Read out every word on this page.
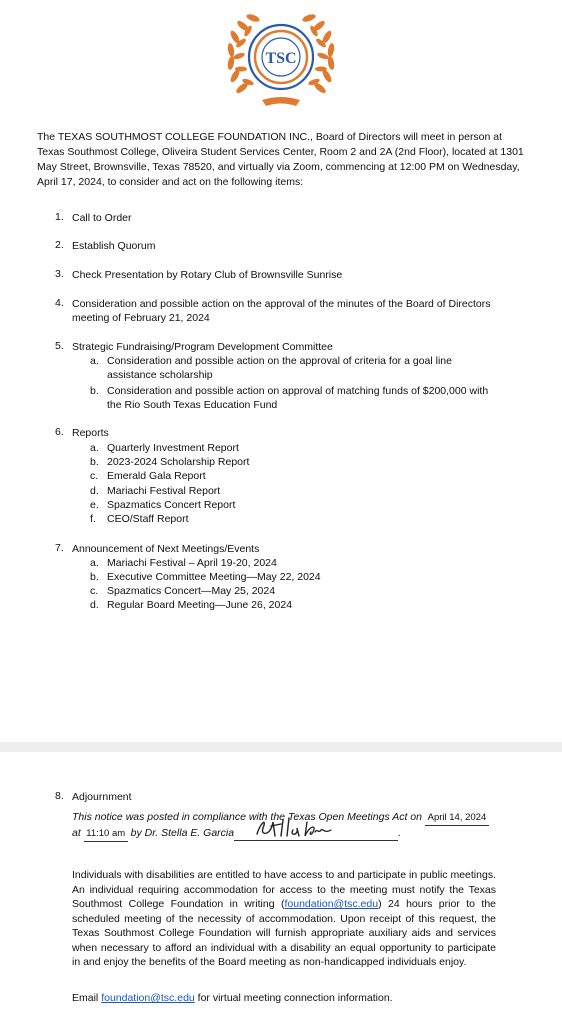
TSC
The TEXAS SOUTHMOST COLLEGE FOUNDATION INC., Board of Directors will meet in person at Texas Southmost College, Oliveira Student Services Center, Room 2 and 2A (2nd Floor), located at 1301 May Street, Brownsville, Texas 78520, and virtually via Zoom, commencing at 12:00 PM on Wednesday, April 17, 2024, to consider and act on the following items:
1. Call to Order
2. Establish Quorum
3. Check Presentation by Rotary Club of Brownsville Sunrise
4. Consideration and possible action on the approval of the minutes of the Board of Directors meeting of February 21, 2024
5. Strategic Fundraising/Program Development Committee
a. Consideration and possible action on the approval of criteria for a goal line assistance scholarship
b. Consideration and possible action on approval of matching funds of $200,000 with the Rio South Texas Education Fund
6. Reports
a. Quarterly Investment Report
b. 2023-2024 Scholarship Report
c. Emerald Gala Report
d. Mariachi Festival Report
e. Spazmatics Concert Report
f.	CEO/Staff Report
7. Announcement of Next Meetings/Events
a. Mariachi Festival – April 19-20, 2024
b. Executive Committee Meeting—May 22, 2024
c. Spazmatics Concert—May 25, 2024
d. Regular Board Meeting—June 26, 2024
8. Adjournment
This notice was posted in compliance with the Texas Open Meetings Act on April 14, 2024
at 11:10 am by Dr. Stella E. Garcia	.
Individuals with disabilities are entitled to have access to and participate in public meetings. An individual requiring accommodation for access to the meeting must notify the Texas Southmost College Foundation in writing (foundation@tsc.edu) 24 hours prior to the scheduled meeting of the necessity of accommodation. Upon receipt of this request, the Texas Southmost College Foundation will furnish appropriate auxiliary aids and services when necessary to afford an individual with a disability an equal opportunity to participate in and enjoy the benefits of the Board meeting as non-handicapped individuals enjoy.
Email foundation@tsc.edu for virtual meeting connection information.
